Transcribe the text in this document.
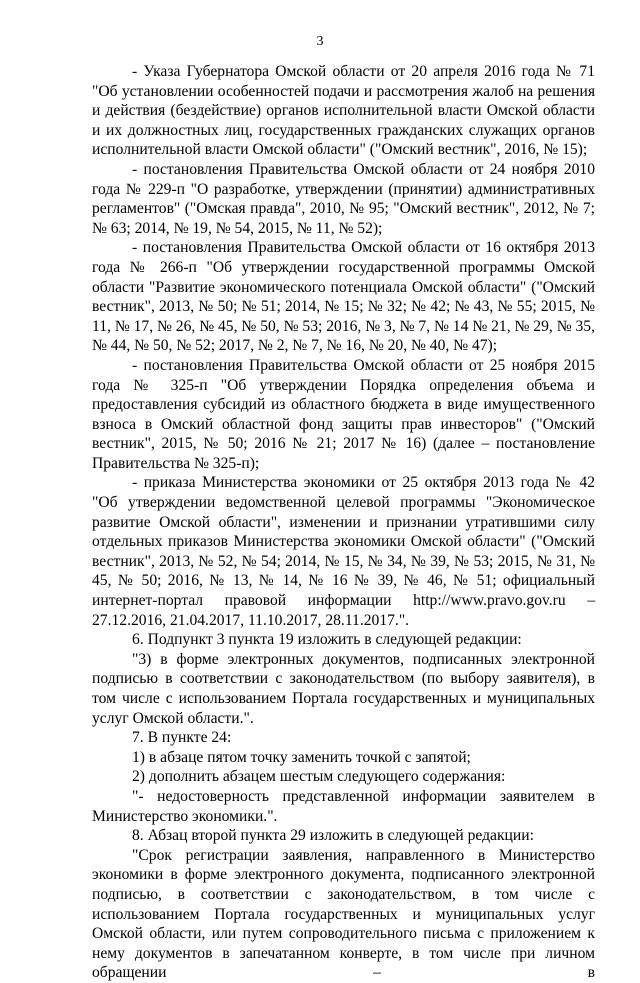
3

- Указа Губернатора Омской области от 20 апреля 2016 года № 71 "Об установлении особенностей подачи и рассмотрения жалоб на решения и действия (бездействие) органов исполнительной власти Омской области и их должностных лиц, государственных гражданских служащих органов исполнительной власти Омской области" ("Омский вестник", 2016, № 15);

- постановления Правительства Омской области от 24 ноября 2010 года № 229-п "О разработке, утверждении (принятии) административных регламентов" ("Омская правда", 2010, № 95; "Омский вестник", 2012, № 7; № 63; 2014, № 19, № 54, 2015, № 11, № 52);

- постановления Правительства Омской области от 16 октября 2013 года № 266-п "Об утверждении государственной программы Омской области "Развитие экономического потенциала Омской области" ("Омский вестник", 2013, № 50; № 51; 2014, № 15; № 32; № 42; № 43, № 55; 2015, № 11, № 17, № 26, № 45, № 50, № 53; 2016, № 3, № 7, № 14 № 21, № 29, № 35, № 44, № 50, № 52; 2017, № 2, № 7, № 16, № 20, № 40, № 47);

- постановления Правительства Омской области от 25 ноября 2015 года № 325-п "Об утверждении Порядка определения объема и предоставления субсидий из областного бюджета в виде имущественного взноса в Омский областной фонд защиты прав инвесторов" ("Омский вестник", 2015, № 50; 2016 № 21; 2017 № 16) (далее – постановление Правительства № 325-п);

- приказа Министерства экономики от 25 октября 2013 года № 42 "Об утверждении ведомственной целевой программы "Экономическое развитие Омской области", изменении и признании утратившими силу отдельных приказов Министерства экономики Омской области" ("Омский вестник", 2013, № 52, № 54; 2014, № 15, № 34, № 39, № 53; 2015, № 31, № 45, № 50; 2016, № 13, № 14, № 16 № 39, № 46, № 51; официальный интернет-портал правовой информации http://www.pravo.gov.ru – 27.12.2016, 21.04.2017, 11.10.2017, 28.11.2017.".

6. Подпункт 3 пункта 19 изложить в следующей редакции:

"3) в форме электронных документов, подписанных электронной подписью в соответствии с законодательством (по выбору заявителя), в том числе с использованием Портала государственных и муниципальных услуг Омской области.".

7. В пункте 24:

1) в абзаце пятом точку заменить точкой с запятой;

2) дополнить абзацем шестым следующего содержания:

"- недостоверность представленной информации заявителем в Министерство экономики.".

8. Абзац второй пункта 29 изложить в следующей редакции:

"Срок регистрации заявления, направленного в Министерство экономики в форме электронного документа, подписанного электронной подписью, в соответствии с законодательством, в том числе с использованием Портала государственных и муниципальных услуг Омской области, или путем сопроводительного письма с приложением к нему документов в запечатанном конверте, в том числе при личном обращении – в
